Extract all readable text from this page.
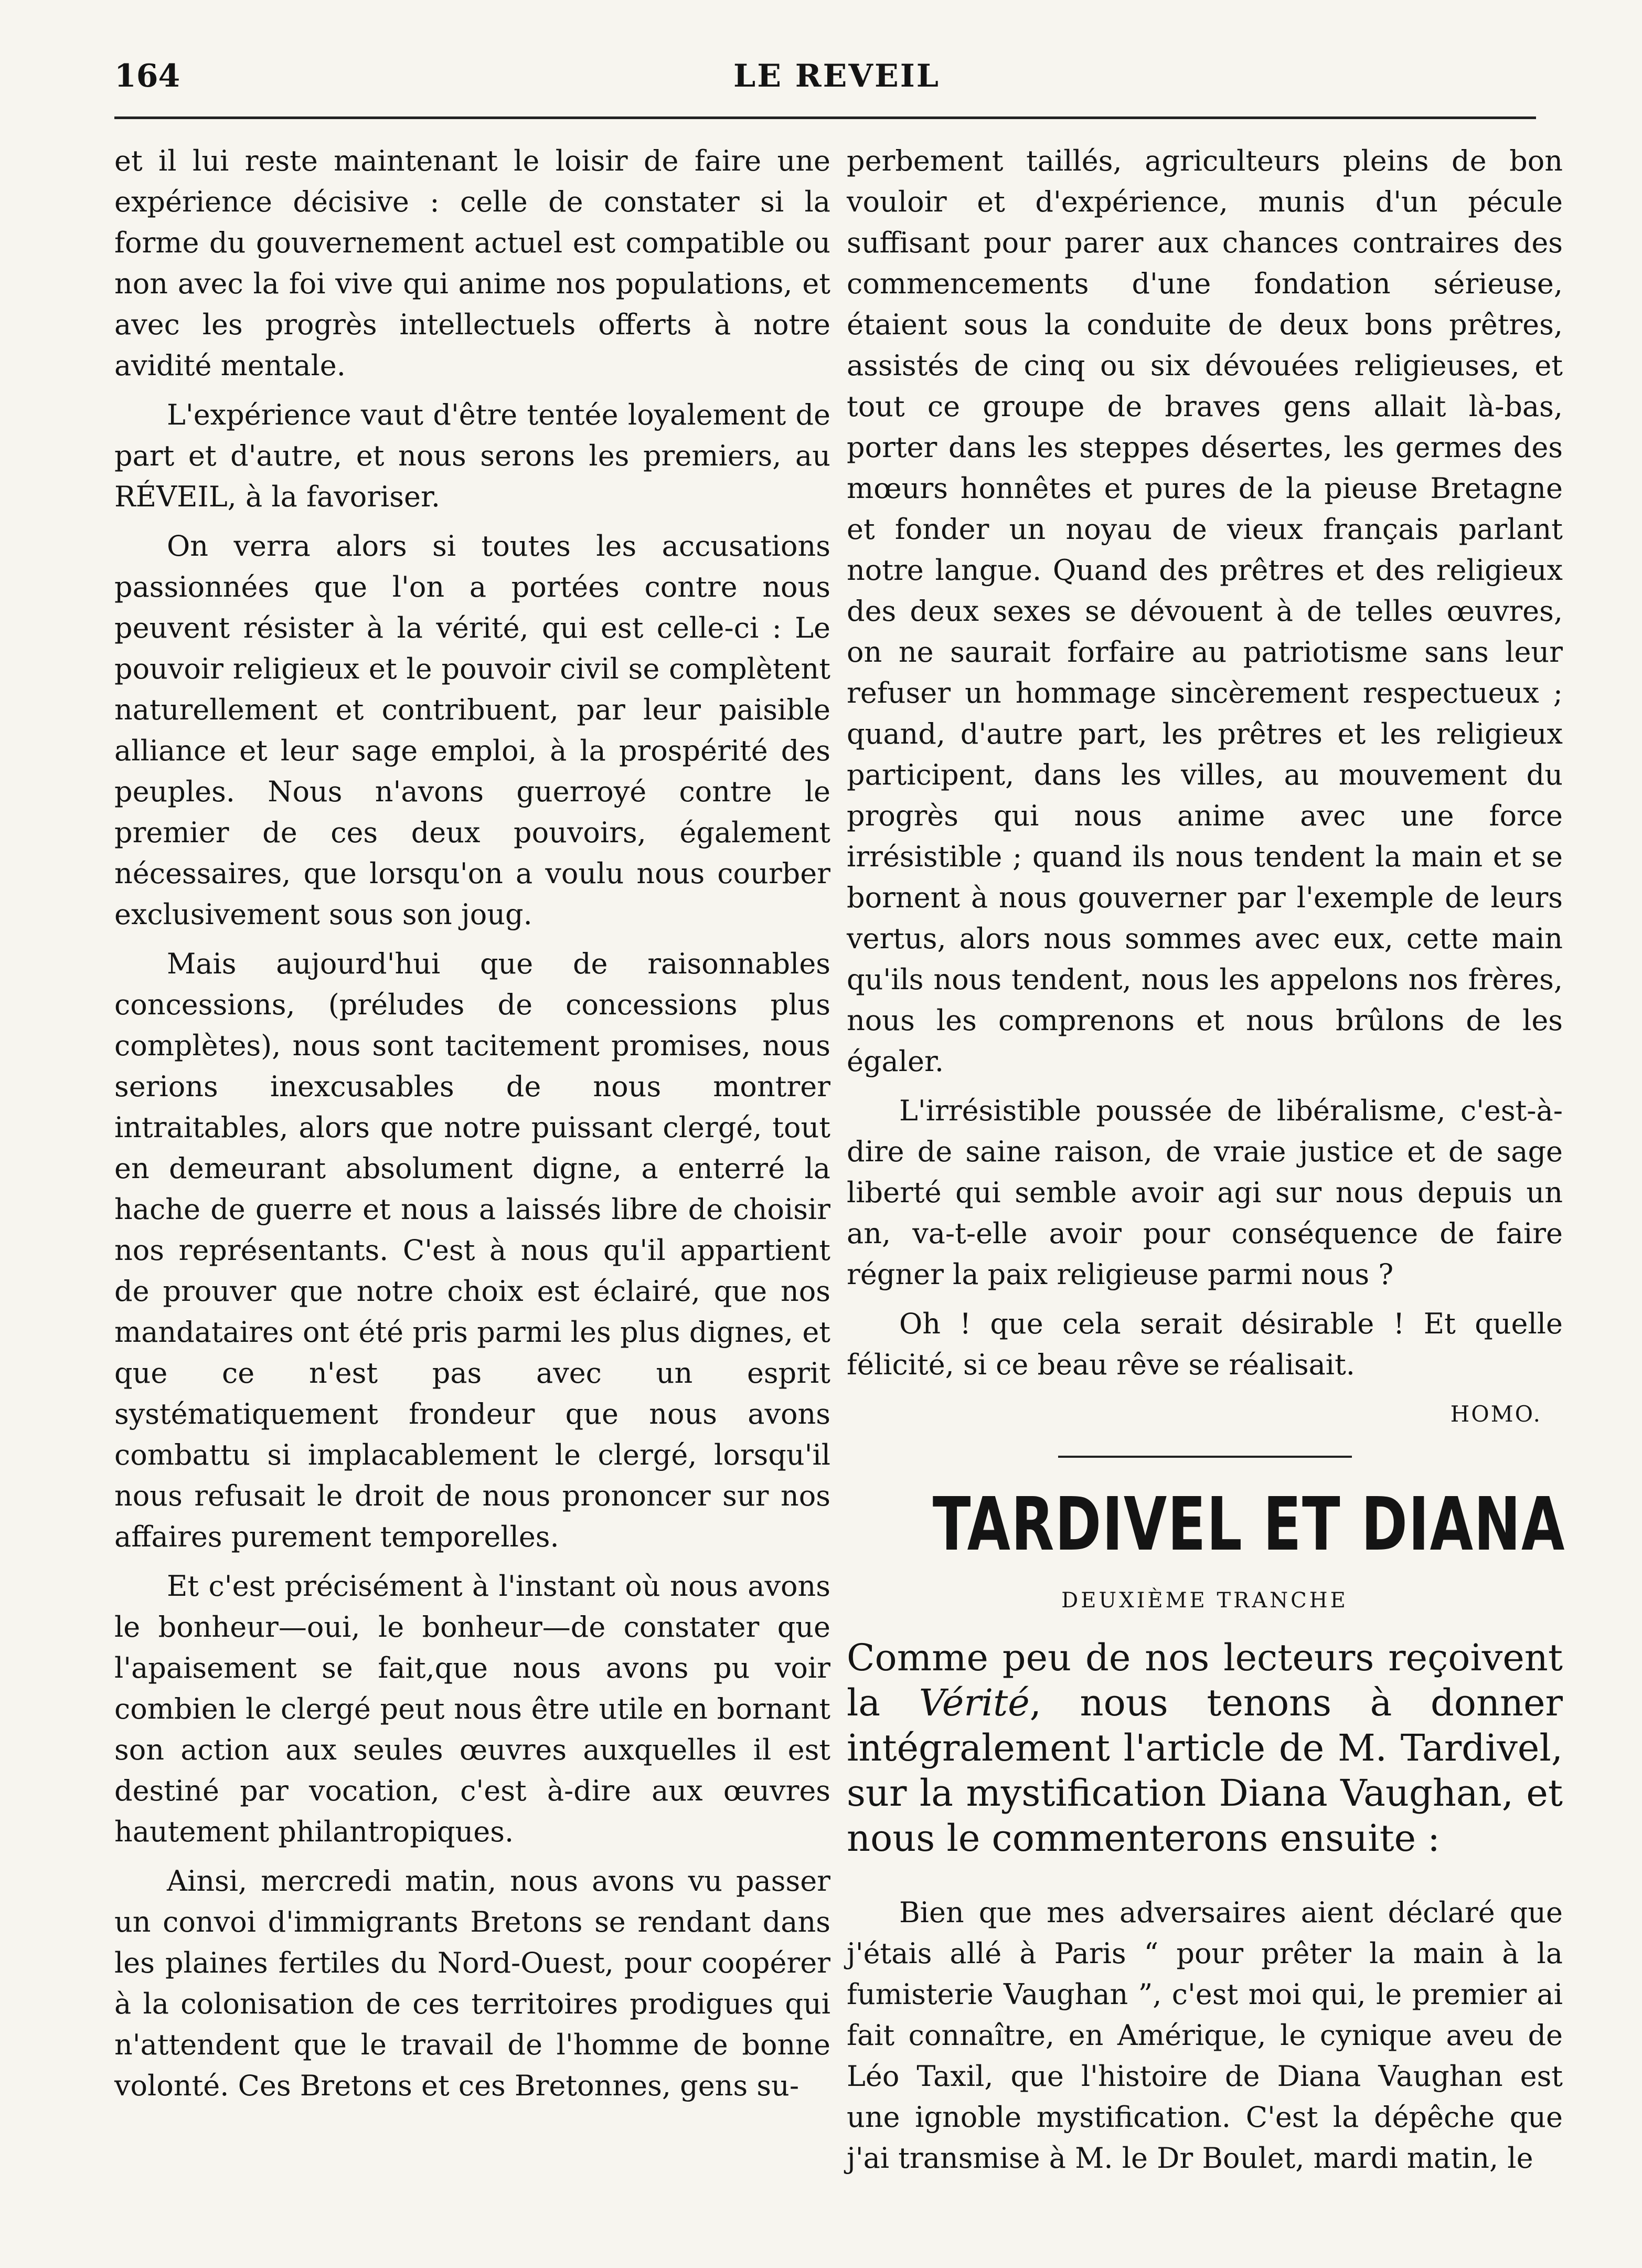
164	LE REVEIL

et il lui reste maintenant le loisir de faire une expérience décisive : celle de constater si la forme du gouvernement actuel est compatible ou non avec la foi vive qui anime nos populations, et avec les progrès intellectuels offerts à notre avidité mentale.

L'expérience vaut d'être tentée loyalement de part et d'autre, et nous serons les premiers, au RÉVEIL, à la favoriser.

On verra alors si toutes les accusations passionnées que l'on a portées contre nous peuvent résister à la vérité, qui est celle-ci : Le pouvoir religieux et le pouvoir civil se complètent naturellement et contribuent, par leur paisible alliance et leur sage emploi, à la prospérité des peuples. Nous n'avons guerroyé contre le premier de ces deux pouvoirs, également nécessaires, que lorsqu'on a voulu nous courber exclusivement sous son joug.

Mais aujourd'hui que de raisonnables concessions, (préludes de concessions plus complètes), nous sont tacitement promises, nous serions inexcusables de nous montrer intraitables, alors que notre puissant clergé, tout en demeurant absolument digne, a enterré la hache de guerre et nous a laissés libre de choisir nos représentants. C'est à nous qu'il appartient de prouver que notre choix est éclairé, que nos mandataires ont été pris parmi les plus dignes, et que ce n'est pas avec un esprit systématiquement frondeur que nous avons combattu si implacablement le clergé, lorsqu'il nous refusait le droit de nous prononcer sur nos affaires purement temporelles.

Et c'est précisément à l'instant où nous avons le bonheur—oui, le bonheur—de constater que l'apaisement se fait,que nous avons pu voir combien le clergé peut nous être utile en bornant son action aux seules œuvres auxquelles il est destiné par vocation, c'est à-dire aux œuvres hautement philantropiques.

Ainsi, mercredi matin, nous avons vu passer un convoi d'immigrants Bretons se rendant dans les plaines fertiles du Nord-Ouest, pour coopérer à la colonisation de ces territoires prodigues qui n'attendent que le travail de l'homme de bonne volonté. Ces Bretons et ces Bretonnes, gens su-

perbement taillés, agriculteurs pleins de bon vouloir et d'expérience, munis d'un pécule suffisant pour parer aux chances contraires des commencements d'une fondation sérieuse, étaient sous la conduite de deux bons prêtres, assistés de cinq ou six dévouées religieuses, et tout ce groupe de braves gens allait là-bas, porter dans les steppes désertes, les germes des mœurs honnêtes et pures de la pieuse Bretagne et fonder un noyau de vieux français parlant notre langue. Quand des prêtres et des religieux des deux sexes se dévouent à de telles œuvres, on ne saurait forfaire au patriotisme sans leur refuser un hommage sincèrement respectueux ; quand, d'autre part, les prêtres et les religieux participent, dans les villes, au mouvement du progrès qui nous anime avec une force irrésistible ; quand ils nous tendent la main et se bornent à nous gouverner par l'exemple de leurs vertus, alors nous sommes avec eux, cette main qu'ils nous tendent, nous les appelons nos frères, nous les comprenons et nous brûlons de les égaler.

L'irrésistible poussée de libéralisme, c'est-à-dire de saine raison, de vraie justice et de sage liberté qui semble avoir agi sur nous depuis un an, va-t-elle avoir pour conséquence de faire régner la paix religieuse parmi nous ?

Oh ! que cela serait désirable ! Et quelle félicité, si ce beau rêve se réalisait.

HOMO.
TARDIVEL ET DIANA
DEUXIÈME TRANCHE
Comme peu de nos lecteurs reçoivent la Vérité, nous tenons à donner intégralement l'article de M. Tardivel, sur la mystification Diana Vaughan, et nous le commenterons ensuite :

Bien que mes adversaires aient déclaré que j'étais allé à Paris “ pour prêter la main à la fumisterie Vaughan ”, c'est moi qui, le premier ai fait connaître, en Amérique, le cynique aveu de Léo Taxil, que l'histoire de Diana Vaughan est une ignoble mystification. C'est la dépêche que j'ai transmise à M. le Dr Boulet, mardi matin, le
